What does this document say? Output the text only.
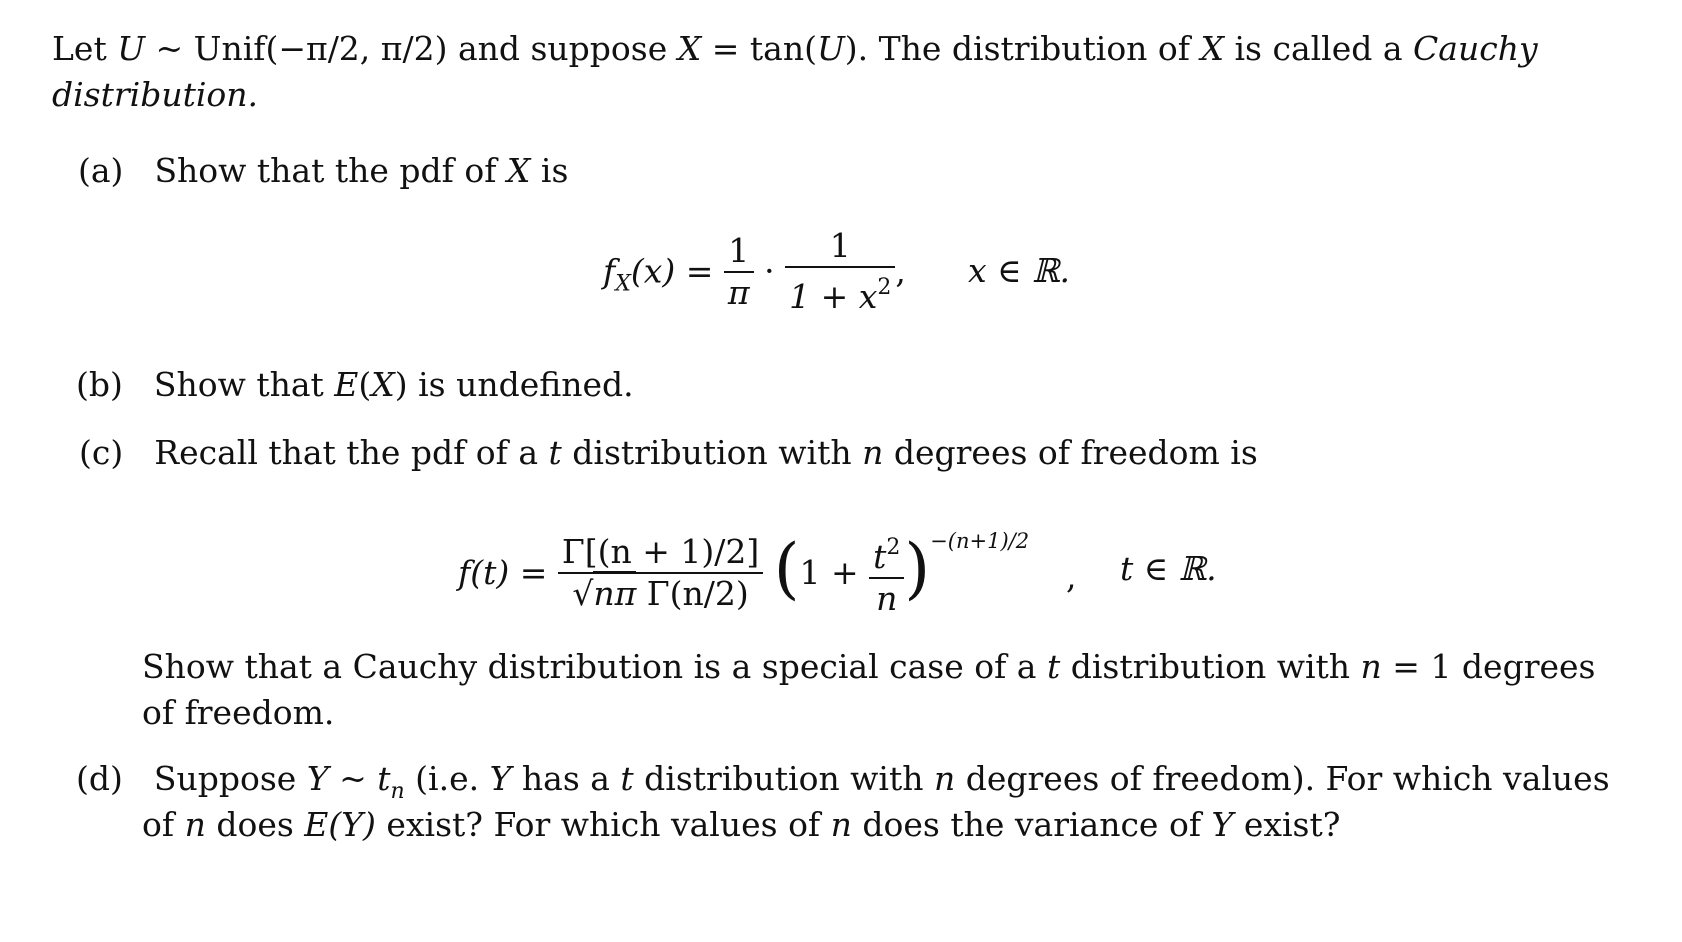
Let U ~ Unif(−π/2, π/2) and suppose X = tan(U). The distribution of X is called a Cauchy
distribution.
(a) Show that the pdf of X is
$f_X(x) = \frac{1}{\pi} \cdot \frac{1}{1 + x^2}$ , x ∈ ℝ.
(b) Show that E(X) is undefined.
(c) Recall that the pdf of a t distribution with n degrees of freedom is
$f(t) = \frac{\Gamma[(n + 1)/2]}{\text{√nπ Γ(n/2)}} (1 + \frac{t^2}{n} )^{-(n+1)/2}$
, t ∈ ℝ.
Show that a Cauchy distribution is a special case of a t distribution with n = 1 degrees
of freedom.
(d) Suppose Y ~ $t_n$ (i.e. Y has a t distribution with n degrees of freedom). For which values
of n does E(Y) exist? For which values of n does the variance of Y exist?
